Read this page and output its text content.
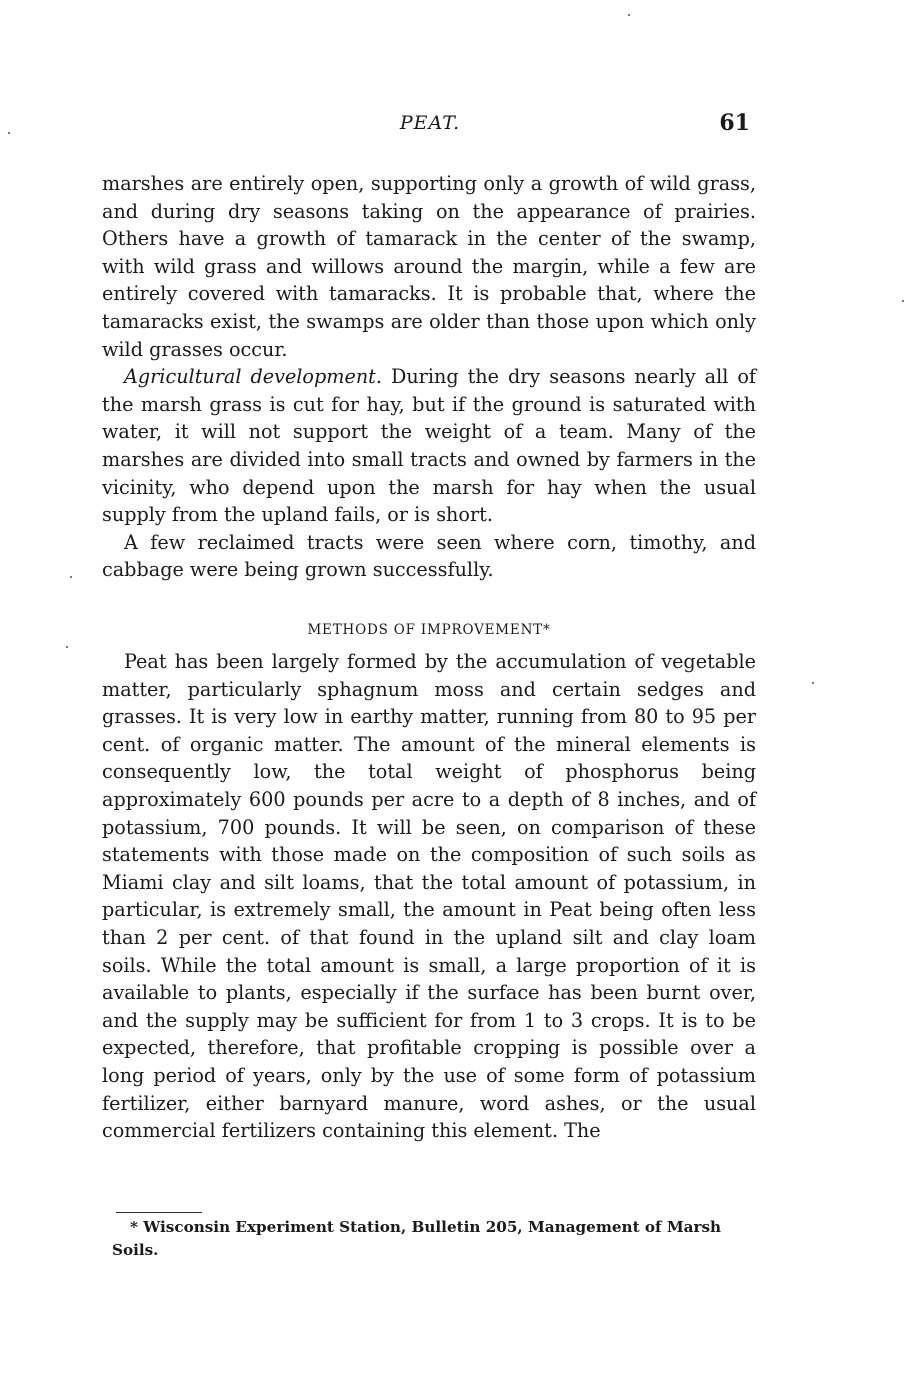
PEAT.	61

marshes are entirely open, supporting only a growth of wild grass, and during dry seasons taking on the appearance of prairies. Others have a growth of tamarack in the center of the swamp, with wild grass and willows around the margin, while a few are entirely covered with tamaracks. It is probable that, where the tamaracks exist, the swamps are older than those upon which only wild grasses occur.

Agricultural development. During the dry seasons nearly all of the marsh grass is cut for hay, but if the ground is saturated with water, it will not support the weight of a team. Many of the marshes are divided into small tracts and owned by farmers in the vicinity, who depend upon the marsh for hay when the usual supply from the upland fails, or is short.

A few reclaimed tracts were seen where corn, timothy, and cabbage were being grown successfully.

METHODS OF IMPROVEMENT*

Peat has been largely formed by the accumulation of vegetable matter, particularly sphagnum moss and certain sedges and grasses. It is very low in earthy matter, running from 80 to 95 per cent. of organic matter. The amount of the mineral elements is consequently low, the total weight of phosphorus being approximately 600 pounds per acre to a depth of 8 inches, and of potassium, 700 pounds. It will be seen, on comparison of these statements with those made on the composition of such soils as Miami clay and silt loams, that the total amount of potassium, in particular, is extremely small, the amount in Peat being often less than 2 per cent. of that found in the upland silt and clay loam soils. While the total amount is small, a large proportion of it is available to plants, especially if the surface has been burnt over, and the supply may be sufficient for from 1 to 3 crops. It is to be expected, therefore, that profitable cropping is possible over a long period of years, only by the use of some form of potassium fertilizer, either barnyard manure, word ashes, or the usual commercial fertilizers containing this element. The

* Wisconsin Experiment Station, Bulletin 205, Management of Marsh Soils.
